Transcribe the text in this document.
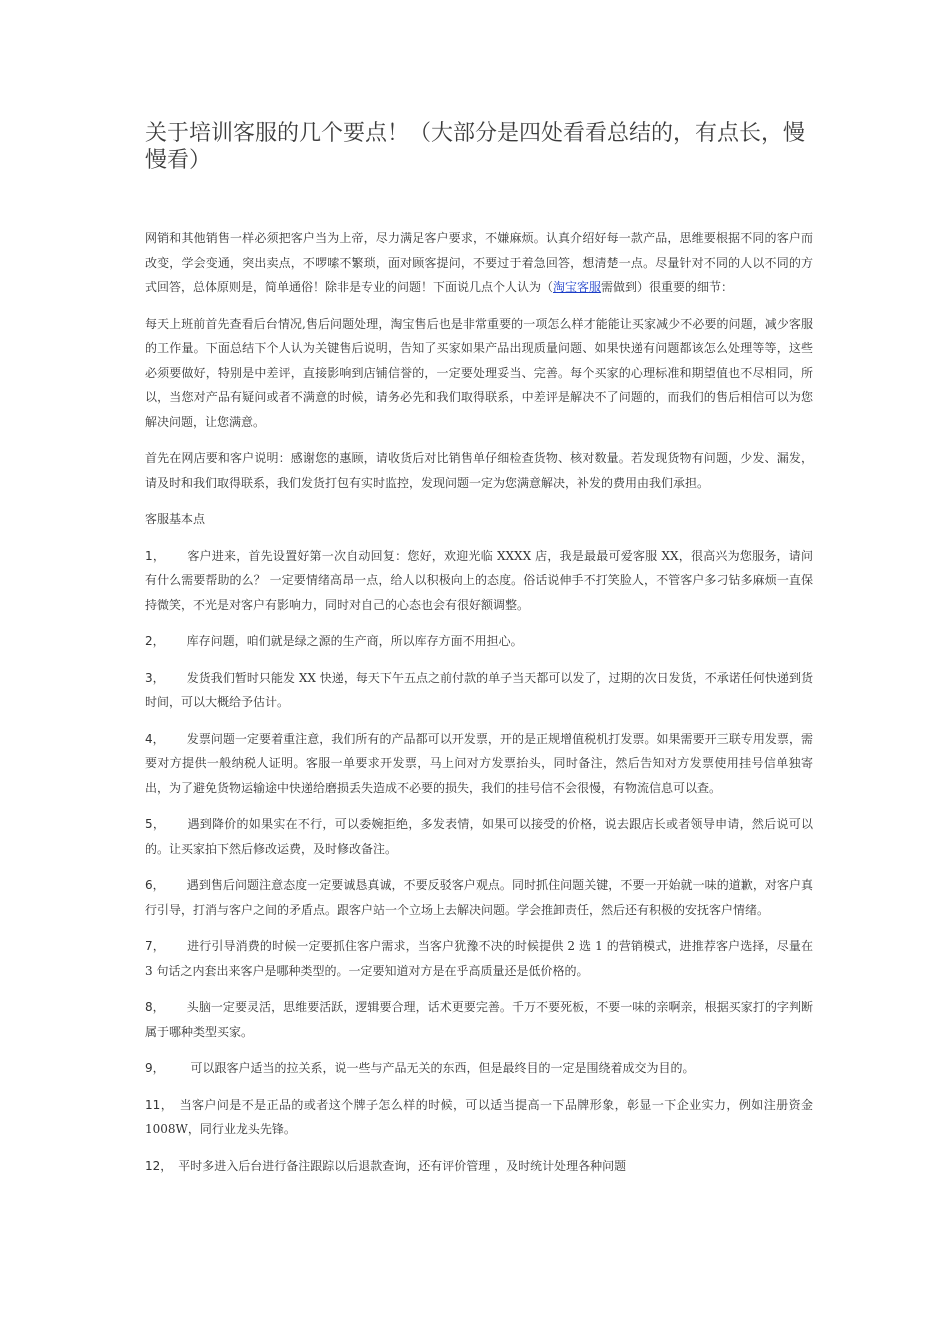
关于培训客服的几个要点！（大部分是四处看看总结的，有点长，慢慢看）

网销和其他销售一样必须把客户当为上帝，尽力满足客户要求，不嫌麻烦。认真介绍好每一款产品，思维要根据不同的客户而改变，学会变通，突出卖点，不啰嗦不繁琐，面对顾客提问，不要过于着急回答，想清楚一点。尽量针对不同的人以不同的方式回答，总体原则是，简单通俗！除非是专业的问题！下面说几点个人认为（淘宝客服需做到）很重要的细节：

每天上班前首先查看后台情况,售后问题处理，淘宝售后也是非常重要的一项怎么样才能能让买家减少不必要的问题，减少客服的工作量。下面总结下个人认为关键售后说明，告知了买家如果产品出现质量问题、如果快递有问题都该怎么处理等等，这些必须要做好，特别是中差评，直接影响到店铺信誉的，一定要处理妥当、完善。每个买家的心理标准和期望值也不尽相同，所以，当您对产品有疑问或者不满意的时候，请务必先和我们取得联系，中差评是解决不了问题的，而我们的售后相信可以为您解决问题，让您满意。

首先在网店要和客户说明：感谢您的惠顾，请收货后对比销售单仔细检查货物、核对数量。若发现货物有问题，少发、漏发，请及时和我们取得联系，我们发货打包有实时监控，发现问题一定为您满意解决，补发的费用由我们承担。

客服基本点

1， 客户进来，首先设置好第一次自动回复：您好，欢迎光临 XXXX 店，我是最最可爱客服 XX，很高兴为您服务，请问有什么需要帮助的么？ 一定要情绪高昂一点，给人以积极向上的态度。俗话说伸手不打笑脸人，不管客户多刁钻多麻烦一直保持微笑，不光是对客户有影响力，同时对自己的心态也会有很好额调整。

2， 库存问题，咱们就是绿之源的生产商，所以库存方面不用担心。

3， 发货我们暂时只能发 XX 快递，每天下午五点之前付款的单子当天都可以发了，过期的次日发货，不承诺任何快递到货时间，可以大概给予估计。

4， 发票问题一定要着重注意，我们所有的产品都可以开发票，开的是正规增值税机打发票。如果需要开三联专用发票，需要对方提供一般纳税人证明。客服一单要求开发票，马上问对方发票抬头，同时备注，然后告知对方发票使用挂号信单独寄出，为了避免货物运输途中快递给磨损丢失造成不必要的损失，我们的挂号信不会很慢，有物流信息可以查。

5， 遇到降价的如果实在不行，可以委婉拒绝，多发表情，如果可以接受的价格，说去跟店长或者领导申请，然后说可以的。让买家拍下然后修改运费，及时修改备注。

6， 遇到售后问题注意态度一定要诚恳真诚，不要反驳客户观点。同时抓住问题关键，不要一开始就一味的道歉，对客户真行引导，打消与客户之间的矛盾点。跟客户站一个立场上去解决问题。学会推卸责任，然后还有积极的安抚客户情绪。

7， 进行引导消费的时候一定要抓住客户需求，当客户犹豫不决的时候提供 2 选 1 的营销模式，进推荐客户选择，尽量在 3 句话之内套出来客户是哪种类型的。一定要知道对方是在乎高质量还是低价格的。

8， 头脑一定要灵活，思维要活跃，逻辑要合理，话术更要完善。千万不要死板，不要一味的亲啊亲，根据买家打的字判断属于哪种类型买家。

9， 可以跟客户适当的拉关系，说一些与产品无关的东西，但是最终目的一定是围绕着成交为目的。

11， 当客户问是不是正品的或者这个牌子怎么样的时候，可以适当提高一下品牌形象，彰显一下企业实力，例如注册资金 1008W，同行业龙头先锋。

12， 平时多进入后台进行备注跟踪以后退款查询，还有评价管理 ，及时统计处理各种问题
